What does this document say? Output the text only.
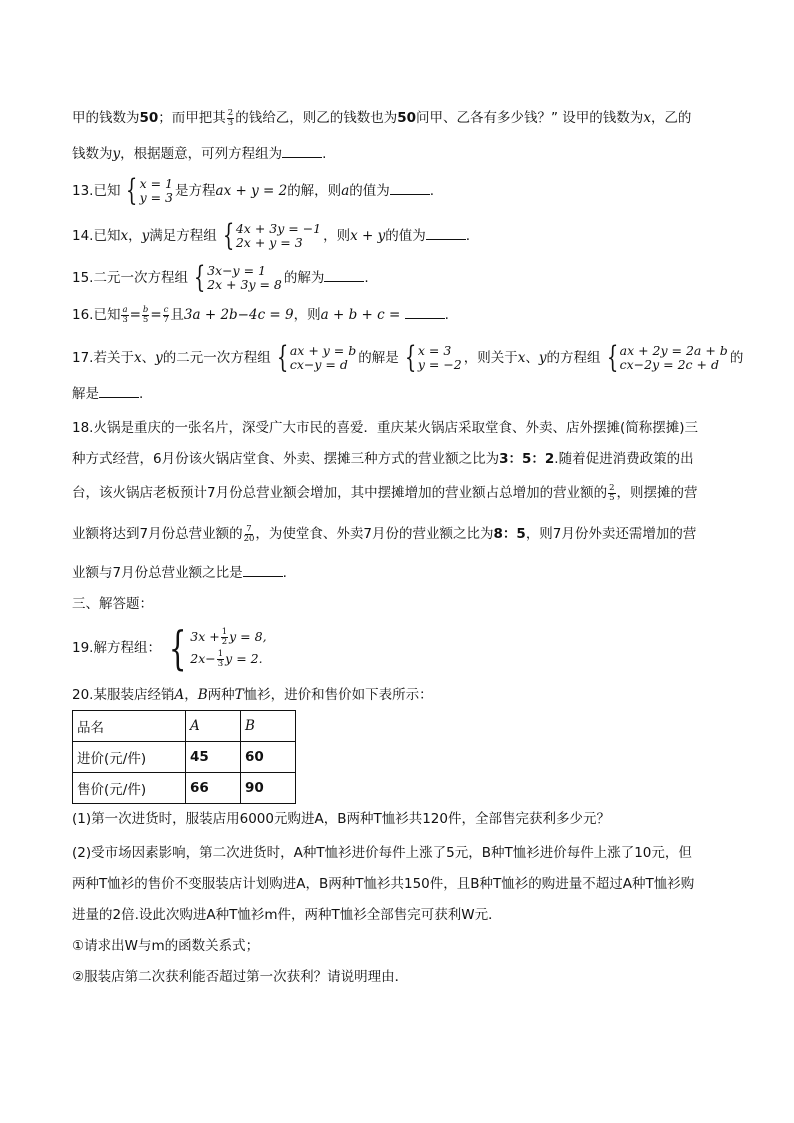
甲的钱数为50；而甲把其 $\frac{2}{3}$ 的钱给乙，则乙的钱数也为50问甲、乙各有多少钱？” 设甲的钱数为x，乙的
钱数为y，根据题意，可列方程组为	.
13.已知 { x = 1
y = 3 是方程ax + y = 2的解，则a的值为	.
14.已知x，y满足方程组 { 4x + 3y = −1
2x + y = 3	，则x + y的值为	.
15.二元一次方程组 { 3x−y = 1
2x + 3y = 8 的解为	.
16.已知 $\frac{a}{3} = \frac{b}{5} = \frac{c}{7}$ 且3a + 2b−4c = 9，则a + b + c =	.
17.若关于x、y的二元一次方程组 { ax + y = b
cx−y = d 的解是 { x = 3
y = −2 ，则关于x、y的方程组 { ax + 2y = 2a + b
cx−2y = 2c + d 的
解是	.
18.火锅是重庆的一张名片，深受广大市民的喜爱．重庆某火锅店采取堂食、外卖、店外摆摊(简称摆摊)三
种方式经营，6月份该火锅店堂食、外卖、摆摊三种方式的营业额之比为3：5：2.随着促进消费政策的出
台，该火锅店老板预计7月份总营业额会增加，其中摆摊增加的营业额占总增加的营业额的 $\frac{2}{5}$ ，则摆摊的营
业额将达到7月份总营业额的 $\frac{7}{20}$ ，为使堂食、外卖7月份的营业额之比为8：5，则7月份外卖还需增加的营
业额与7月份总营业额之比是	.
三、解答题：
19.解方程组： { $3x + \frac{1}{2}$ y = 8,
$2x- \frac{1}{3}$ y = 2.
20.某服装店经销A，B两种T恤衫，进价和售价如下表所示：
品名	A	B
进价(元/件)	45	60
售价(元/件)	66	90
(1)第一次进货时，服装店用6000元购进A，B两种T恤衫共120件，全部售完获利多少元？
(2)受市场因素影响，第二次进货时，A种T恤衫进价每件上涨了5元，B种T恤衫进价每件上涨了10元，但
两种T恤衫的售价不变服装店计划购进A，B两种T恤衫共150件，且B种T恤衫的购进量不超过A种T恤衫购
进量的2倍.设此次购进A种T恤衫m件，两种T恤衫全部售完可获利W元．
①请求出W与m的函数关系式；
②服装店第二次获利能否超过第一次获利？请说明理由．
